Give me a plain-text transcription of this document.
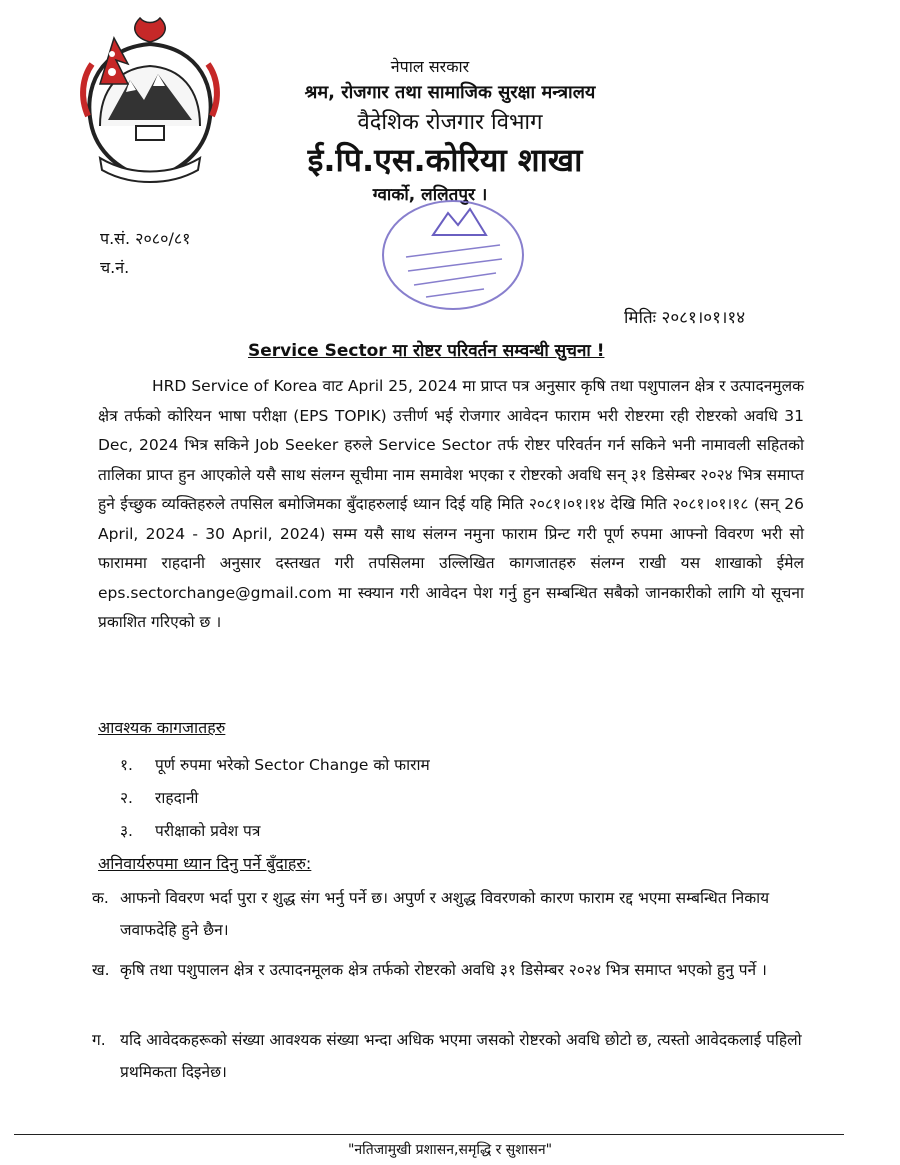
नेपाल सरकार
श्रम, रोजगार तथा सामाजिक सुरक्षा मन्त्रालय
वैदेशिक रोजगार विभाग
ई.पि.एस.कोरिया शाखा
ग्वार्को, ललितपुर ।
प.सं. २०८०/८१
च.नं.
मितिः २०८१।०१।१४
Service Sector मा रोष्टर परिवर्तन सम्वन्धी सुचना !
HRD Service of Korea वाट April 25, 2024 मा प्राप्त पत्र अनुसार कृषि तथा पशुपालन क्षेत्र र उत्पादनमुलक क्षेत्र तर्फको कोरियन भाषा परीक्षा (EPS TOPIK) उत्तीर्ण भई रोजगार आवेदन फाराम भरी रोष्टरमा रही रोष्टरको अवधि 31 Dec, 2024 भित्र सकिने Job Seeker हरुले Service Sector तर्फ रोष्टर परिवर्तन गर्न सकिने भनी नामावली सहितको तालिका प्राप्त हुन आएकोले यसै साथ संलग्न सूचीमा नाम समावेश भएका र रोष्टरको अवधि सन् ३१ डिसेम्बर २०२४ भित्र समाप्त हुने ईच्छुक व्यक्तिहरुले तपसिल बमोजिमका बुँदाहरुलाई ध्यान दिई यहि मिति २०८१।०१।१४ देखि मिति २०८१।०१।१८ (सन् 26 April, 2024 - 30 April, 2024) सम्म यसै साथ संलग्न नमुना फाराम प्रिन्ट गरी पूर्ण रुपमा आफ्नो विवरण भरी सो फाराममा राहदानी अनुसार दस्तखत गरी तपसिलमा उल्लिखित कागजातहरु संलग्न राखी यस शाखाको ईमेल eps.sectorchange@gmail.com मा स्क्यान गरी आवेदन पेश गर्नु हुन सम्बन्धित सबैको जानकारीको लागि यो सूचना प्रकाशित गरिएको छ ।
आवश्यक कागजातहरु
१. पूर्ण रुपमा भरेको Sector Change को फाराम
२. राहदानी
३. परीक्षाको प्रवेश पत्र
अनिवार्यरुपमा ध्यान दिनु पर्ने बुँदाहरु:
क. आफनो विवरण भर्दा पुरा र शुद्ध संग भर्नु पर्ने छ। अपुर्ण र अशुद्ध विवरणको कारण फाराम रद्द भएमा सम्बन्धित निकाय जवाफदेहि हुने छैन।
ख. कृषि तथा पशुपालन क्षेत्र र उत्पादनमूलक क्षेत्र तर्फको रोष्टरको अवधि ३१ डिसेम्बर २०२४ भित्र समाप्त भएको हुनु पर्ने ।
ग. यदि आवेदकहरूको संख्या आवश्यक संख्या भन्दा अधिक भएमा जसको रोष्टरको अवधि छोटो छ, त्यस्तो आवेदकलाई पहिलो प्रथमिकता दिइनेछ।
"नतिजामुखी प्रशासन,समृद्धि र सुशासन"
